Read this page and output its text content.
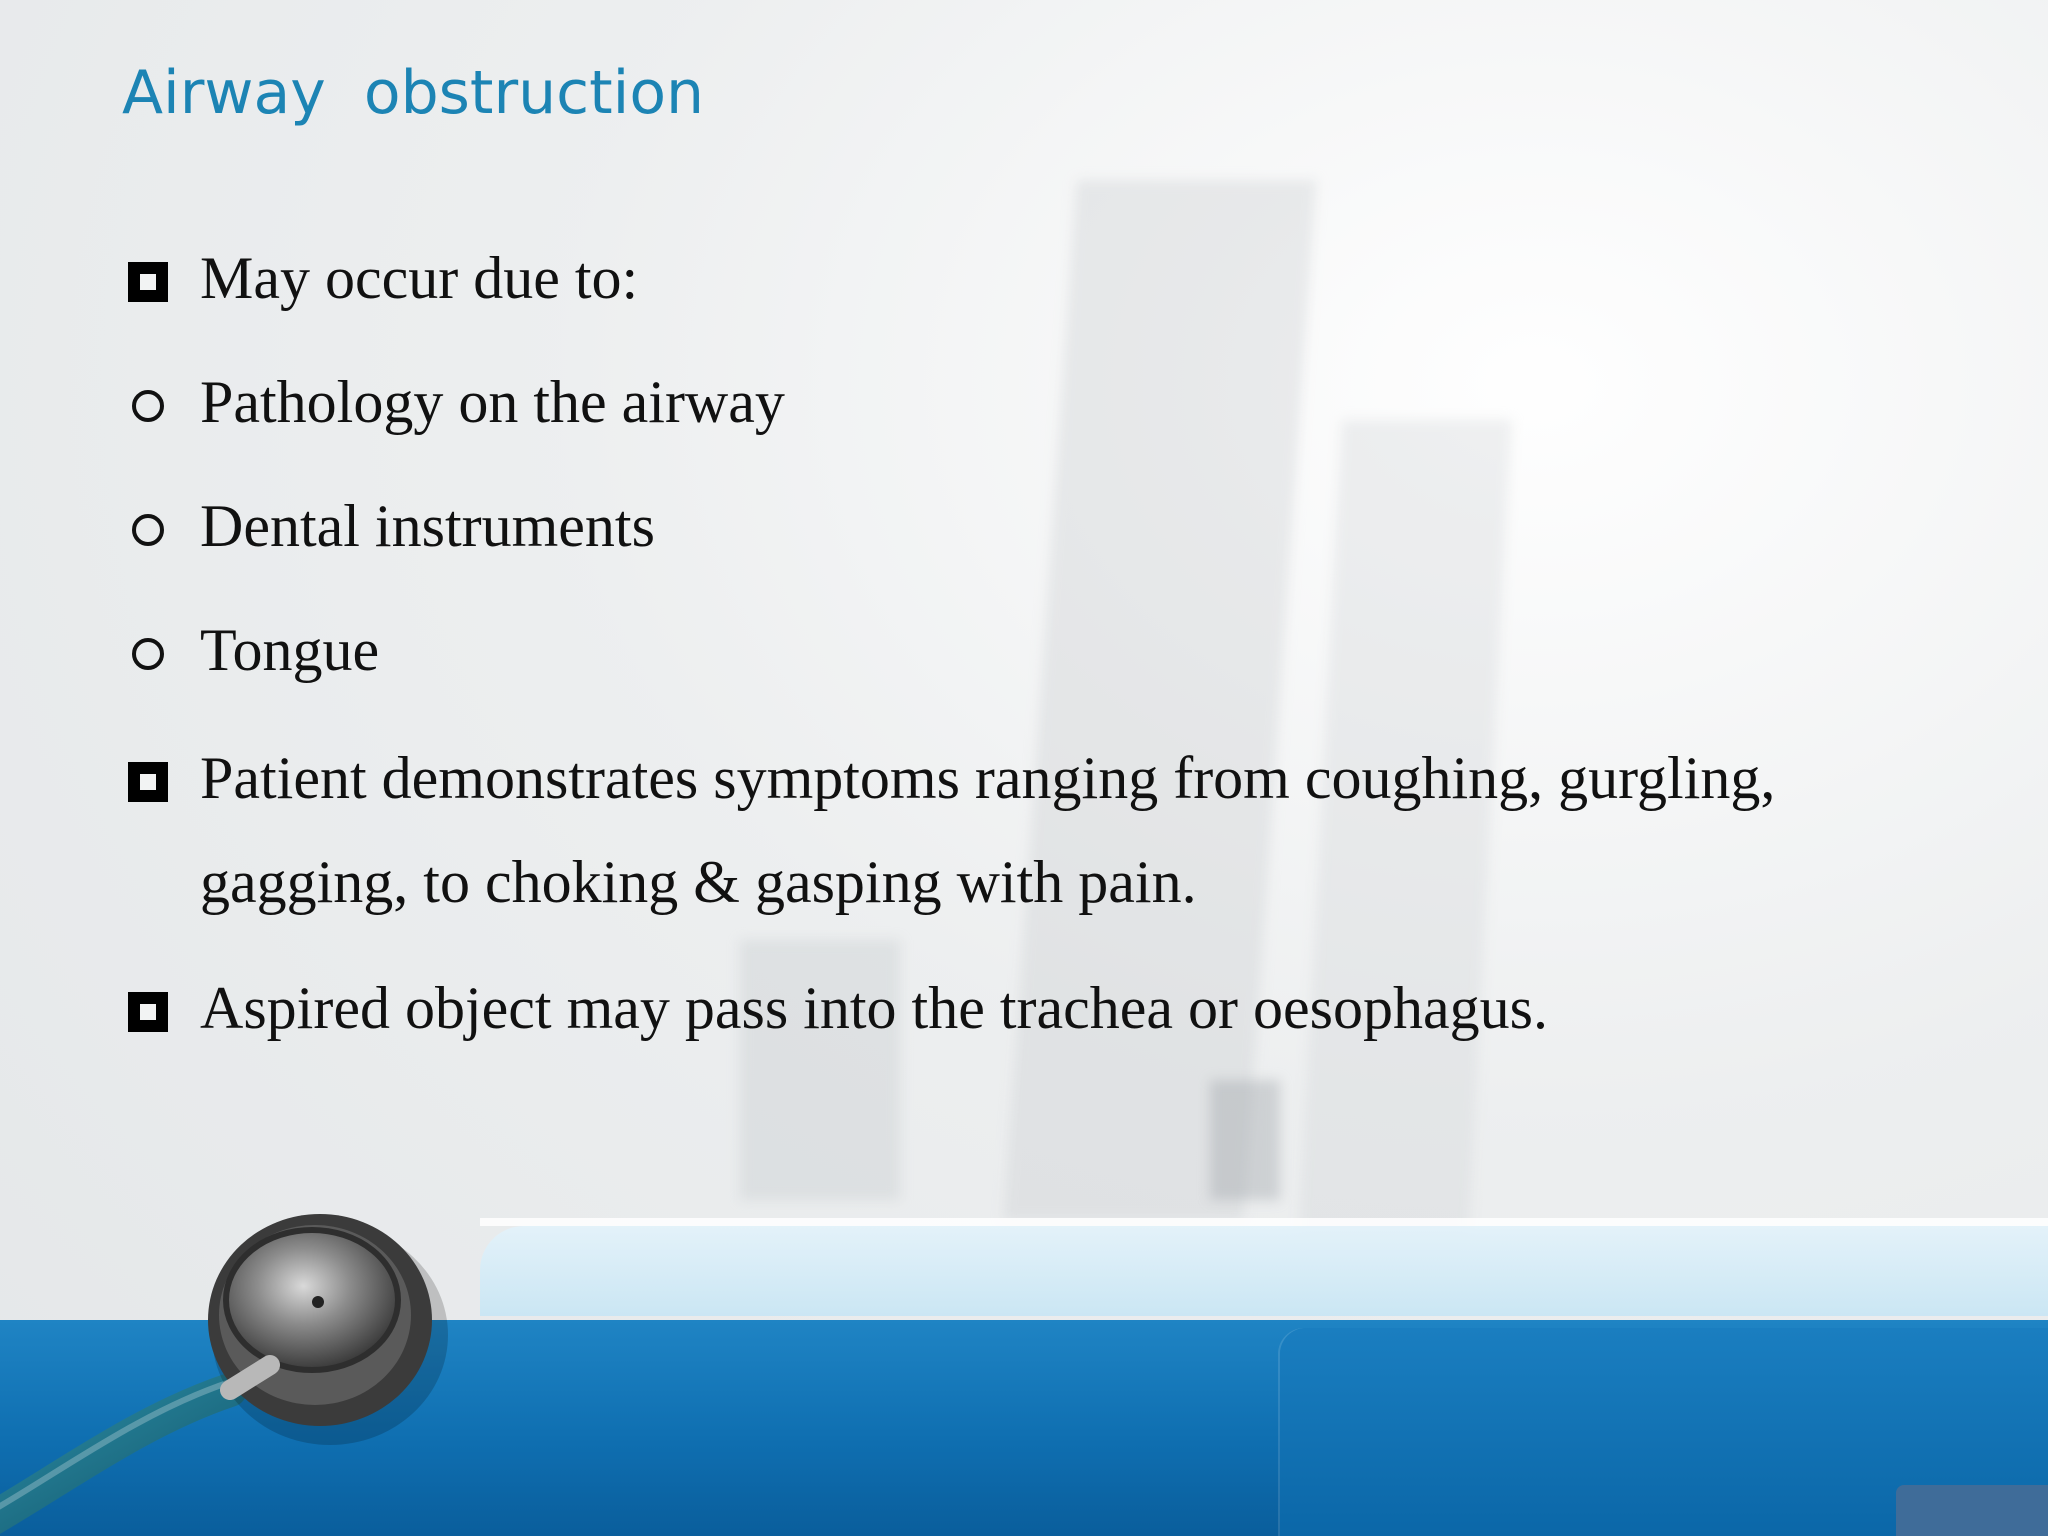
Airway  obstruction
May occur due to:
Pathology on the airway
Dental instruments
Tongue
Patient demonstrates symptoms ranging from coughing, gurgling, gagging, to choking & gasping with pain.
Aspired object may pass into the trachea or oesophagus.
